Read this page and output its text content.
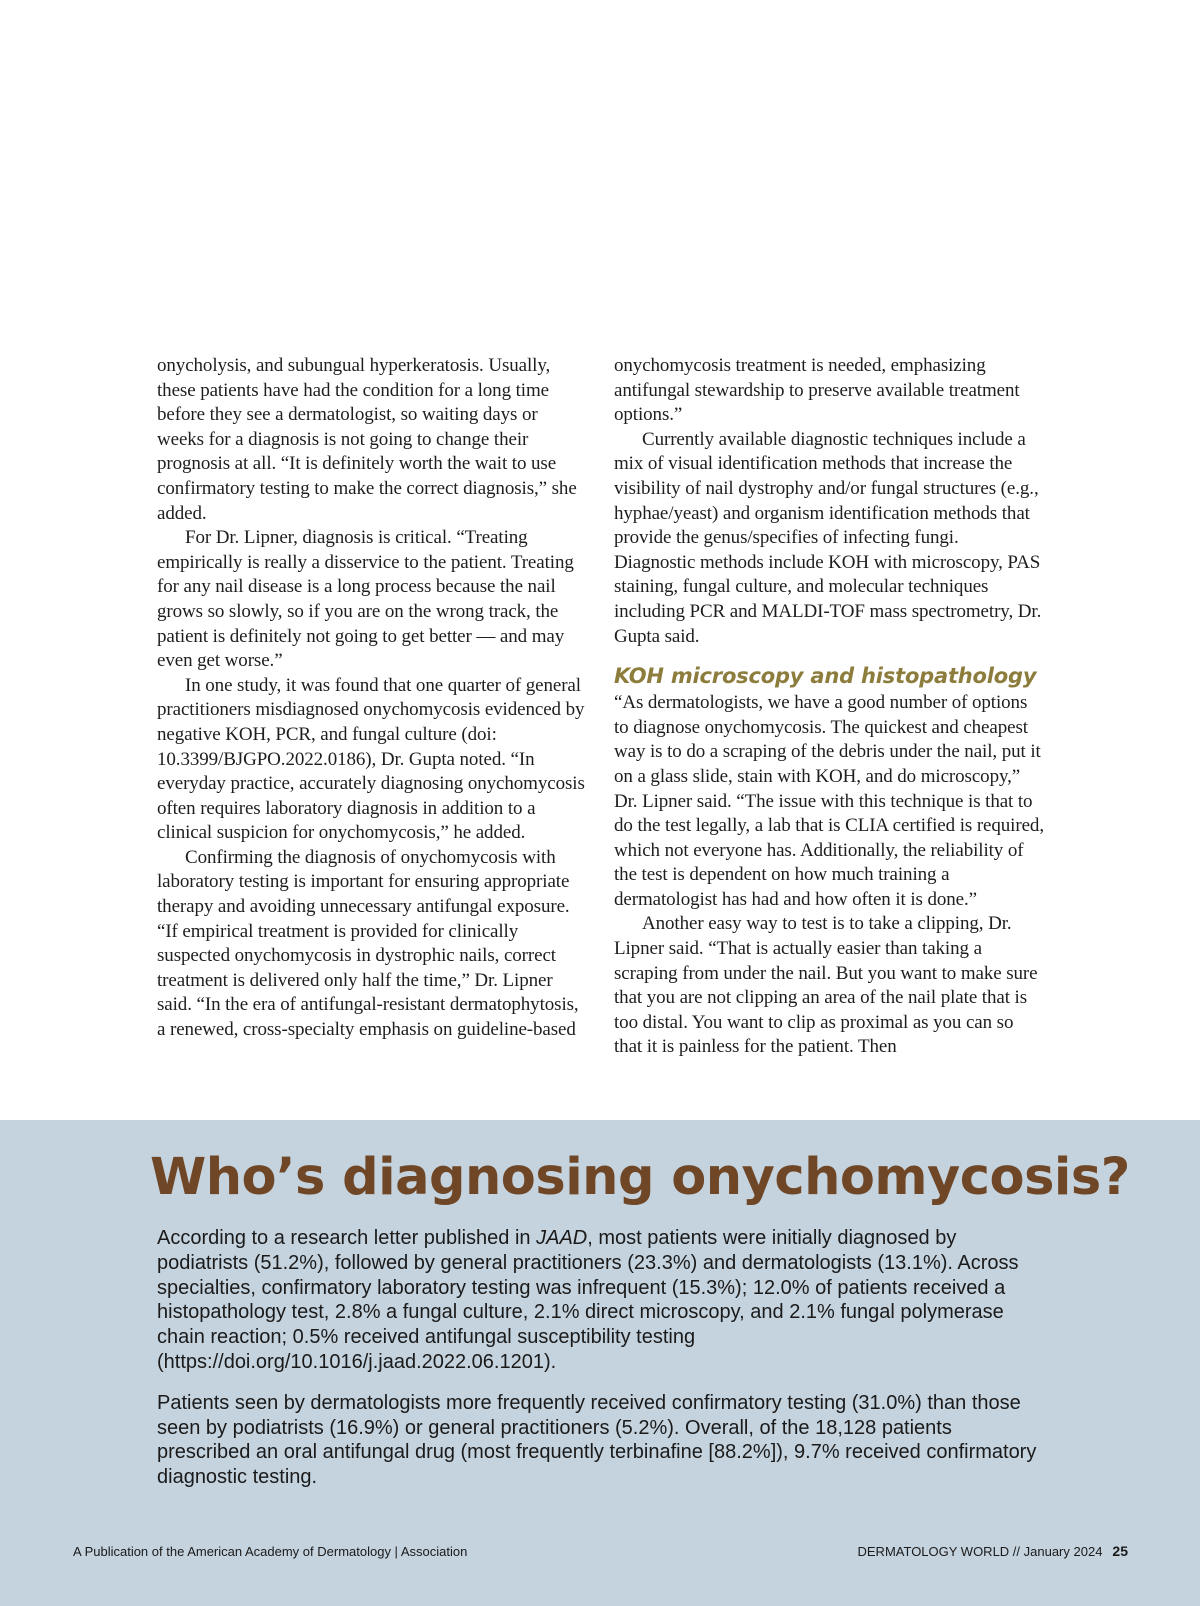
onycholysis, and subungual hyperkeratosis. Usually, these patients have had the condition for a long time before they see a dermatologist, so waiting days or weeks for a diagnosis is not going to change their prognosis at all. “It is definitely worth the wait to use confirmatory testing to make the correct diagnosis,” she added.

For Dr. Lipner, diagnosis is critical. “Treating empirically is really a disservice to the patient. Treating for any nail disease is a long process because the nail grows so slowly, so if you are on the wrong track, the patient is definitely not going to get better — and may even get worse.”

In one study, it was found that one quarter of general practitioners misdiagnosed onychomycosis evidenced by negative KOH, PCR, and fungal culture (doi: 10.3399/BJGPO.2022.0186), Dr. Gupta noted. “In everyday practice, accurately diagnosing onychomycosis often requires laboratory diagnosis in addition to a clinical suspicion for onychomycosis,” he added.

Confirming the diagnosis of onychomycosis with laboratory testing is important for ensuring appropriate therapy and avoiding unnecessary antifungal exposure. “If empirical treatment is provided for clinically suspected onychomycosis in dystrophic nails, correct treatment is delivered only half the time,” Dr. Lipner said. “In the era of antifungal-resistant dermatophytosis, a renewed, cross-specialty emphasis on guideline-based

onychomycosis treatment is needed, emphasizing antifungal stewardship to preserve available treatment options.”

Currently available diagnostic techniques include a mix of visual identification methods that increase the visibility of nail dystrophy and/or fungal structures (e.g., hyphae/yeast) and organism identification methods that provide the genus/specifies of infecting fungi. Diagnostic methods include KOH with microscopy, PAS staining, fungal culture, and molecular techniques including PCR and MALDI-TOF mass spectrometry, Dr. Gupta said.

KOH microscopy and histopathology

“As dermatologists, we have a good number of options to diagnose onychomycosis. The quickest and cheapest way is to do a scraping of the debris under the nail, put it on a glass slide, stain with KOH, and do microscopy,” Dr. Lipner said. “The issue with this technique is that to do the test legally, a lab that is CLIA certified is required, which not everyone has. Additionally, the reliability of the test is dependent on how much training a dermatologist has had and how often it is done.”

Another easy way to test is to take a clipping, Dr. Lipner said. “That is actually easier than taking a scraping from under the nail. But you want to make sure that you are not clipping an area of the nail plate that is too distal. You want to clip as proximal as you can so that it is painless for the patient. Then

Who’s diagnosing onychomycosis?

According to a research letter published in JAAD, most patients were initially diagnosed by podiatrists (51.2%), followed by general practitioners (23.3%) and dermatologists (13.1%). Across specialties, confirmatory laboratory testing was infrequent (15.3%); 12.0% of patients received a histopathology test, 2.8% a fungal culture, 2.1% direct microscopy, and 2.1% fungal polymerase chain reaction; 0.5% received antifungal susceptibility testing (https://doi.org/10.1016/j.jaad.2022.06.1201).

Patients seen by dermatologists more frequently received confirmatory testing (31.0%) than those seen by podiatrists (16.9%) or general practitioners (5.2%). Overall, of the 18,128 patients prescribed an oral antifungal drug (most frequently terbinafine [88.2%]), 9.7% received confirmatory diagnostic testing.

A Publication of the American Academy of Dermatology | Association	DERMATOLOGY WORLD // January 2024 25
